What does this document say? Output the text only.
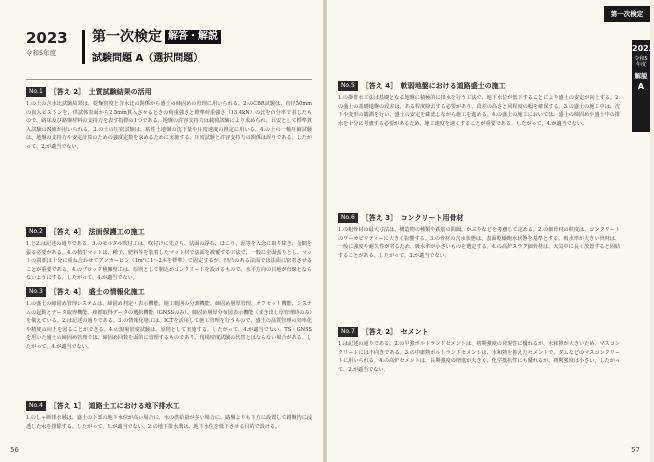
2023
令和5年度
第一次検定 解答・解説
試験問題 A（選択問題）
No.1	［答え 2］　土質試験結果の活用
1.の土の含水比試験結果は、乾燥密度と含水比の関係から盛土の締固めの管理に用いられる。2.のCBR試験は、直径50mmの貫入ピストンを、供試体表面から2.5mm貫入させるときの荷重強さと標準荷重強さ（13.4kN）の比を百分率で表したもので、路床及び路盤材料の支持力を表す指標の1つである。地盤の許容支持力は載荷試験により求められ、目安として標準貫入試験のN値が用いられる。3.の土の圧密試験は、粘性土地盤の沈下量や圧密速度の推定に用いる。4.の土の一軸圧縮試験は、地盤の支持力や安定計算のための強度定数を求めるために実施する。圧密試験と許容支持力の関係は誤りである。したがって、2.が適当でない。
No.2	［答え 4］　法面保護工の施工
1.と2.は記述の通りである。3.のモルタル吹付工は、吹付けに先立ち、法面の浮石、ほこり、泥等を入念に取り除き、金網を張る必要がある。4.の植生マットは、種子、肥料等を装着したマット材で法面を被覆する工法で、一般に全面張りとし、マットの端部は十分に重ね合わせてアンカーピン（1m²に1～2本を標準）で固定するが、凹凸のある法面では法面に密着させることが重要である。4.のブロック積擁壁工は、原則として胴込めコンクリートを設けるもので、水平方向の目地が直線とならないようにする。したがって、4.が適当でない。
No.3	［答え 4］　盛土の情報化施工
1.の盛土の締固め管理システムは、締固め判定・表示機能、施工範囲の分割機能、締固め層厚管理、オフセット機能、システムの起動とデータ取得機能、座標取得データの選択機能（GNSSのみ）、締固め層厚分布図表示機能（まき出し厚管理時のみ）を備えている。2.は記述の通りである。3.の情報化施工は、ICTを活用して施工管理を行うもので、盛土の品質管理の効率化や精度の向上を図ることができる。4.の現場密度試験は、原則として実施する。したがって、4.が適当でない。TS・GNSSを用いた盛土の締固め管理では、締固め回数を面的に管理するものであり、現場密度試験の代替とはならない場合がある。したがって、4.が適当でない。
No.4	［答え 1］　道路土工における地下排水工
1.のしゃ断排水層は、盛土の下部の地下水位が高い場合に、水の供給量が多い場合に、路盤よりも下方に設置して路盤内に浸透した水を排除する。したがって、1.が適当でない。2.の地下排水溝は、地下水位を低下させる目的で設ける。
56
第一次検定
2023
令和5年度
解説
A
No.5	［答え 4］　軟弱地盤における道路盛土の施工
1.の掛排水工法は基礎となる地盤に積極的に排水を行う工法で、地下水位が低下することにより盛土の安定が向上する。2.の盛土の基礎地盤の段差は、ある程度除去する必要があり、段差の高さと同程度の幅を確保する。3.の盛土の施工中は、沈下や変形の観測を行い、盛土の安定を確認しながら施工を進める。4.の盛土の施工においては、盛土の締固めや盛土中の排水を十分に考慮する必要があるため、施工速度を速くすることが重要である。したがって、4.が適当でない。
No.6	［答え 3］　コンクリート用骨材
1.の粗骨材の最大寸法は、構造物の種類や鉄筋の間隔、かぶりなどを考慮して定める。2.の細骨材の粒度は、コンクリートのワーカビリティーに大きく影響する。3.の骨材の含水状態は、表面乾燥飽水状態を基準とする。吸水率が大きい骨材は、一般に強度や耐久性が劣るため、吸水率が小さいものを選定する。4.の高炉スラグ細骨材は、大気中に長く放置すると固結することがある。したがって、3.が適当でない。
No.7	［答え 2］　セメント
1.は記述の通りである。2.の早強ポルトランドセメントは、初期強度の発現性に優れるが、水和熱が大きいため、マスコンクリートには不向きである。3.の中庸熱ポルトランドセメントは、水和熱を抑えたセメントで、ダムなどのマスコンクリートに用いられる。4.の高炉セメントは、長期強度の増進が大きく、化学抵抗性にも優れるが、初期強度は小さい。したがって、2.が適当でない。
57
